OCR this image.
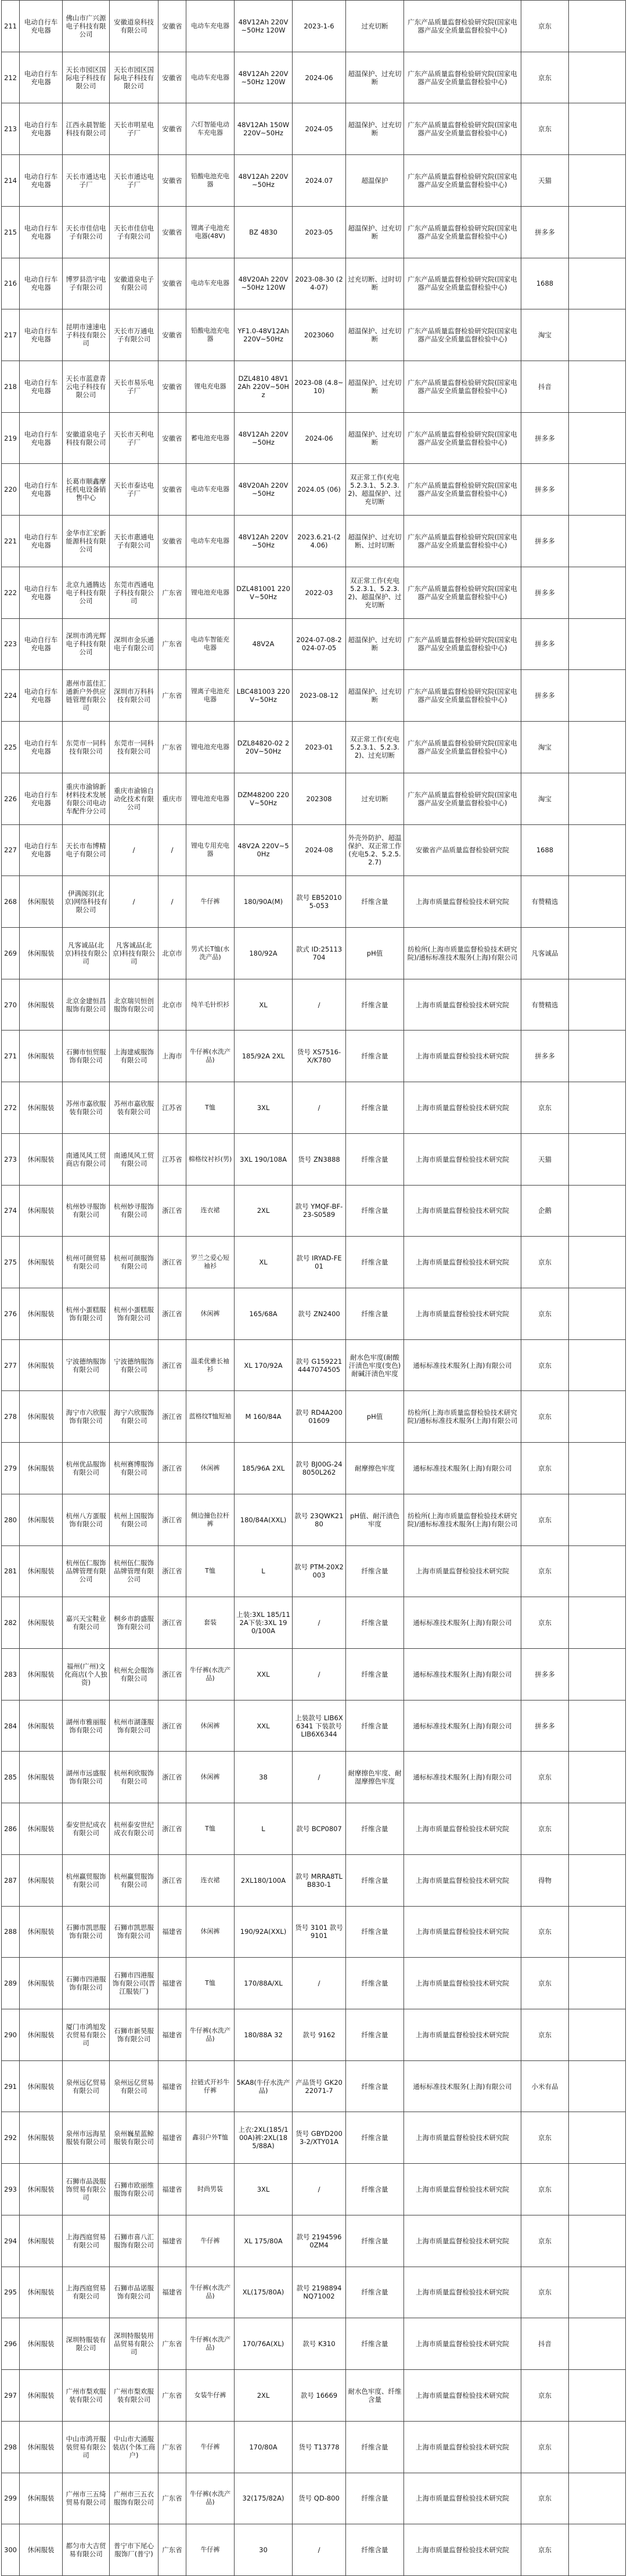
211	电动自行车充电器	佛山市广兴源电子科技有限公司	安徽道泉科技有限公司	安徽省	电动车充电器	48V12Ah 220V~50Hz 120W	2023-1-6	过充切断	广东产品质量监督检验研究院(国家电器产品安全质量监督检验中心)	京东	
212	电动自行车充电器	天长市园区国际电子科技有限公司	天长市园区国际电子科技有限公司	安徽省	电动车充电器	48V12Ah 220V~50Hz 120W	2024-06	超温保护、过充切断	广东产品质量监督检验研究院(国家电器产品安全质量监督检验中心)	京东	
213	电动自行车充电器	江西永晨智能科技有限公司	天长市明星电子厂	安徽省	六灯智能电动车充电器	48V12Ah 150W 220V~50Hz	2024-05	超温保护、过充切断	广东产品质量监督检验研究院(国家电器产品安全质量监督检验中心)	京东	
214	电动自行车充电器	天长市通达电子厂	天长市通达电子厂	安徽省	铅酸电池充电器	48V12Ah 220V~50Hz	2024.07	超温保护	广东产品质量监督检验研究院(国家电器产品安全质量监督检验中心)	天猫	
215	电动自行车充电器	天长市佳信电子有限公司	天长市佳信电子有限公司	安徽省	锂离子电池充电器(48V)	BZ 4830	2023-05	超温保护、过充切断	广东产品质量监督检验研究院(国家电器产品安全质量监督检验中心)	拼多多	
216	电动自行车充电器	博罗县浩宇电子有限公司	安徽道泉电子有限公司	安徽省	电动车充电器	48V20Ah 220V~50Hz 120W	2023-08-30 (24-07)	过充切断、过时切断	广东产品质量监督检验研究院(国家电器产品安全质量监督检验中心)	1688	
217	电动自行车充电器	昆明市速速电子科技有限公司	天长市万通电子有限公司	安徽省	铅酸电池充电器	YF1.0-48V12Ah 220V~50Hz	2023060	超温保护、过充切断	广东产品质量监督检验研究院(国家电器产品安全质量监督检验中心)	淘宝	
218	电动自行车充电器	天长市蓝意青云电子科技有限公司	天长市易乐电子厂	安徽省	锂电充电器	DZL4810 48V12Ah 220V~50Hz	2023-08 (4.8~10)	超温保护、过充切断	广东产品质量监督检验研究院(国家电器产品安全质量监督检验中心)	抖音	
219	电动自行车充电器	安徽道泉电子科技有限公司	天长市天利电子厂	安徽省	蓄电池充电器	48V12Ah 220V~50Hz	2024-06	超温保护、过充切断	广东产品质量监督检验研究院(国家电器产品安全质量监督检验中心)	拼多多	
220	电动自行车充电器	长葛市顺鑫摩托机电设备销售中心	天长市泰达电子厂	安徽省	电动车充电器	48V20Ah 220V~50Hz	2024.05 (06)	双正常工作(充电5.2.3.1、5.2.3.2)、超温保护、过充切断	广东产品质量监督检验研究院(国家电器产品安全质量监督检验中心)	拼多多	
221	电动自行车充电器	金华市汇宏新能源科技有限公司	天长市惠通电子有限公司	安徽省	电动车充电器	48V12Ah 220V~50Hz	2023.6.21-(24.06)	超温保护、过充切断、过时切断	广东产品质量监督检验研究院(国家电器产品安全质量监督检验中心)	拼多多	
222	电动自行车充电器	北京九通腾达电子科技有限公司	东莞市西通电子科技有限公司	广东省	锂电池充电器	DZL481001 220V~50Hz	2022-03	双正常工作(充电5.2.3.1、5.2.3.2)、超温保护、过充切断	广东产品质量监督检验研究院(国家电器产品安全质量监督检验中心)	拼多多	
223	电动自行车充电器	深圳市鸿光辉电子科技有限公司	深圳市金乐通电子有限公司	广东省	电动车智能充电器	48V2A	2024-07-08-2024-07-05	超温保护、过充切断	广东产品质量监督检验研究院(国家电器产品安全质量监督检验中心)	拼多多	
224	电动自行车充电器	惠州市蓝佳汇通新户外供应链管理有限公司	深圳市万科科技有限公司	广东省	锂离子电池充电器	LBC481003 220V~50Hz	2023-08-12	超温保护、过充切断	广东产品质量监督检验研究院(国家电器产品安全质量监督检验中心)	拼多多	
225	电动自行车充电器	东莞市一同科技有限公司	东莞市一同科技有限公司	广东省	锂电池充电器	DZL84820-02 220V~50Hz	2023-01	双正常工作(充电5.2.3.1、5.2.3.2)、过充切断	广东产品质量监督检验研究院(国家电器产品安全质量监督检验中心)	淘宝	
226	电动自行车充电器	重庆市渝锦新材料技术发展有限公司电动车配件分公司	重庆市渝锦自动化技术有限公司	重庆市	锂电池充电器	DZM48200 220V~50Hz	202308	过充切断	广东产品质量监督检验研究院(国家电器产品安全质量监督检验中心)	淘宝	
227	电动自行车充电器	天长市布博精电子有限公司	/	/	锂电专用充电器	48V2A 220V~50Hz	2024-08	外壳外防护、超温保护、双正常工作(充电5.2、5.2.5.2.7)	安徽省产品质量监督检验研究院	1688	
268	休闲服装	伊满阁羽(北京)网络科技有限公司	/	/	牛仔裤	180/90A(M)	款号 EB520105-053	纤维含量	上海市质量监督检验技术研究院	有赞精选	
269	休闲服装	凡客诚品(北京)科技有限公司	凡客诚品(北京)科技有限公司	北京市	男式长T恤(水洗产品)	180/92A	款式 ID:25113704	pH值	纺检所(上海市质量监督检验技术研究院)/通标标准技术服务(上海)有限公司	凡客诚品	
270	休闲服装	北京金建恒昌服饰有限公司	北京瑞贝恒创服饰有限公司	北京市	纯羊毛针织衫	XL	/	纤维含量	上海市质量监督检验技术研究院	有赞精选	
271	休闲服装	石狮市恒贸服饰有限公司	上海建威服饰有限公司	上海市	牛仔裤(水洗产品)	185/92A 2XL	货号 XS7516-X/K780	纤维含量	上海市质量监督检验技术研究院	拼多多	
272	休闲服装	苏州市嘉欣服装有限公司	苏州市嘉欣服装有限公司	江苏省	T恤	3XL	/	纤维含量	上海市质量监督检验技术研究院	京东	
273	休闲服装	南通凤风工贸商店有限公司	南通凤风工贸有限公司	江苏省	棉格纹衬衫(男)	3XL 190/108A	货号 ZN3888	纤维含量	上海市质量监督检验技术研究院	天猫	
274	休闲服装	杭州妙寻服饰有限公司	杭州妙寻服饰有限公司	浙江省	连衣裙	2XL	款号 YMQF-BF-23-S0589	纤维含量	上海市质量监督检验技术研究院	企鹅	
275	休闲服装	杭州可颜贸易有限公司	杭州可颜服饰有限公司	浙江省	罗兰之爱心短袖衫	XL	款号 IRYAD-FE01	纤维含量	上海市质量监督检验技术研究院	京东	
276	休闲服装	杭州小蛋糕服饰有限公司	杭州小蛋糕服饰有限公司	浙江省	休闲裤	165/68A	款号 ZN2400	纤维含量	上海市质量监督检验技术研究院	京东	
277	休闲服装	宁波德纳服饰有限公司	宁波德纳服饰有限公司	浙江省	温柔优雅长袖衫	XL 170/92A	款号 G1592214447074505	耐水色牢度(耐酸汗渍色牢度(变色)耐碱汗渍色牢度	通标标准技术服务(上海)有限公司	京东	
278	休闲服装	海宁市六欣服饰有限公司	海宁六欣服饰有限公司	浙江省	蓝格纹T恤短袖	M 160/84A	款号 RD4A20001609	pH值	纺检所(上海市质量监督检验技术研究院)/通标标准技术服务(上海)有限公司	京东	
279	休闲服装	杭州优品服饰有限公司	杭州赛博服饰有限公司	浙江省	休闲裤	185/96A 2XL	款号 BJ00G-248050L262	耐摩擦色牢度	通标标准技术服务(上海)有限公司	京东	
280	休闲服装	杭州八方蛋服饰有限公司	杭州上国服饰有限公司	浙江省	侧边撞色拉杆裤	180/84A(XXL)	款号 23QWK2180	pH值、耐汗渍色牢度	纺检所(上海市质量监督检验技术研究院)/通标标准技术服务(上海)有限公司	京东	
281	休闲服装	杭州伍仁服饰品牌管理有限公司	杭州伍仁服饰品牌管理有限公司	浙江省	T恤	L	款号 PTM-20X2003	纤维含量	上海市质量监督检验技术研究院	京东	
282	休闲服装	嘉兴天宝鞋业有限公司	桐乡市韵盛服饰有限公司	浙江省	套装	上装:3XL 185/112A下装:3XL 190/100A	/	纤维含量	通标标准技术服务(上海)有限公司	京东	
283	休闲服装	福州(广州)文化商店(个人独资)	杭州允会服饰有限公司	浙江省	牛仔裤(水洗产品)	XXL	/	纤维含量	通标标准技术服务(上海)有限公司	拼多多	
284	休闲服装	湖州市雅丽服饰有限公司	杭州市湖蓬服饰有限公司	浙江省	休闲裤	XXL	上装款号 LIB6X6341 下装款号 LIB6X6344	纤维含量	通标标准技术服务(上海)有限公司	拼多多	
285	休闲服装	湖州市远盛服饰有限公司	杭州利欣服饰有限公司	浙江省	休闲裤	38	/	耐摩擦色牢度、耐湿摩擦色牢度	通标标准技术服务(上海)有限公司	京东	
286	休闲服装	泰安世纪成衣有限公司	杭州泰安世纪成衣有限公司	浙江省	T恤	L	款号 BCP0807	纤维含量	上海市质量监督检验技术研究院	京东	
287	休闲服装	杭州赢贸服饰有限公司	杭州赢贸服饰有限公司	浙江省	连衣裙	2XL180/100A	款号 MRRA8TLB830-1	纤维含量	上海市质量监督检验技术研究院	得物	
288	休闲服装	石狮市凯思服饰有限公司	石狮市凯思服饰有限公司	福建省	休闲裤	190/92A(XXL)	货号 3101 款号 9101	纤维含量	上海市质量监督检验技术研究院	京东	
289	休闲服装	石狮市四港服饰有限公司	石狮市四港服饰有限公司(晋江服装厂)	福建省	T恤	170/88A/XL	/	纤维含量	上海市质量监督检验技术研究院	京东	
290	休闲服装	厦门市鸿旭发衣贸易有限公司	石狮市新昊服饰有限公司	福建省	牛仔裤(水洗产品)	180/88A 32	款号 9162	纤维含量	上海市质量监督检验技术研究院	京东	
291	休闲服装	泉州远亿贸易有限公司	泉州远亿贸易有限公司	福建省	拉链式开衫牛仔裤	5KA8(牛仔水洗产品)	产品货号 GK2022071-7	纤维含量	通标标准技术服务(上海)有限公司	小米有品	
292	休闲服装	泉州市远海星服装有限公司	泉州巍星蓝鲸服装有限公司	福建省	鑫羽户外T恤	上衣:2XL(185/100A)裤:2XL(185/88A)	货号 GBYD2003-2/XTY01A	纤维含量	上海市质量监督检验技术研究院	京东	
293	休闲服装	石狮市品汲服饰贸易有限公司	石狮市欧丽维服饰有限公司	福建省	时尚男装	3XL	/	纤维含量	上海市质量监督检验技术研究院	京东	
294	休闲服装	上海西庭贸易有限公司	石狮市喜八汇服饰有限公司	福建省	牛仔裤	XL 175/80A	款号 21945960ZM4	纤维含量	上海市质量监督检验技术研究院	京东	
295	休闲服装	上海西庭贸易有限公司	石狮市品诺服饰有限公司	福建省	牛仔裤(水洗产品)	XL(175/80A)	款号 2198894NQ71002	纤维含量	上海市质量监督检验技术研究院	京东	
296	休闲服装	深圳特服装有限公司	深圳特服装用品贸易有限公司	广东省	牛仔裤(水洗产品)	170/76A(XL)	款号 K310	纤维含量	上海市质量监督检验技术研究院	抖音	
297	休闲服装	广州市梨欢服装有限公司	广州市梨欢服装有限公司	广东省	女装牛仔裤	2XL	款号 16669	耐水色牢度、纤维含量	上海市质量监督检验技术研究院	京东	
298	休闲服装	中山市鸿开服装贸易有限公司	中山市大涌服装店(个体工商户)	广东省	牛仔裤	170/80A	货号 T13778	纤维含量	上海市质量监督检验技术研究院	京东	
299	休闲服装	广州市三五绮贸易有限公司	广州市三五衣服饰有限公司	广东省	牛仔裤(水洗产品)	32(175/82A)	货号 QD-800	纤维含量	上海市质量监督检验技术研究院	京东	
300	休闲服装	都匀市大吉贸易有限公司	普宁市下尾心服饰厂(普宁)	广东省	牛仔裤	30	/	纤维含量	上海市质量监督检验技术研究院	京东	
